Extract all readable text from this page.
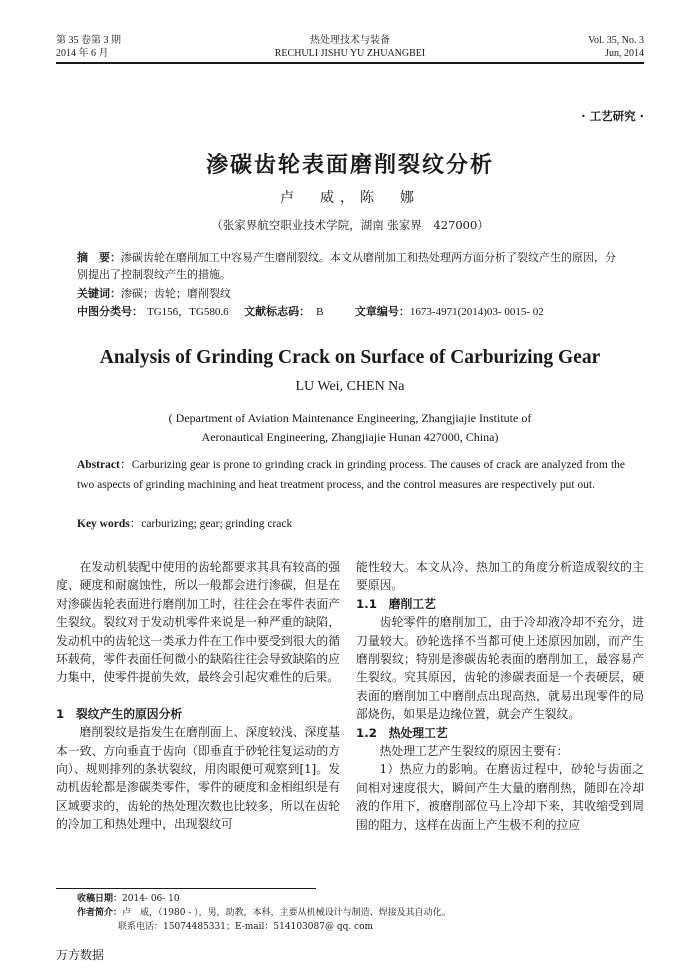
第 35 卷第 3 期
2014 年 6 月
热处理技术与装备
RECHULI JISHU YU ZHUANGBEI
Vol. 35, No. 3
Jun, 2014
· 工艺研究 ·
渗碳齿轮表面磨削裂纹分析
卢　威，陈　娜
（张家界航空职业技术学院，湖南 张家界　427000）
摘　要：渗碳齿轮在磨削加工中容易产生磨削裂纹。本文从磨削加工和热处理两方面分析了裂纹产生的原因，分别提出了控制裂纹产生的措施。
关键词：渗碳；齿轮；磨削裂纹
中图分类号： TG156，TG580.6 文献标志码： B	文章编号：1673-4971(2014)03- 0015- 02
Analysis of Grinding Crack on Surface of Carburizing Gear
LU Wei, CHEN Na
( Department of Aviation Maintenance Engineering, Zhangjiajie Institute of
Aeronautical Engineering, Zhangjiajie Hunan 427000, China)
Abstract：Carburizing gear is prone to grinding crack in grinding process. The causes of crack are analyzed from the two aspects of grinding machining and heat treatment process, and the control measures are respectively put out.
Key words：carburizing; gear; grinding crack

在发动机装配中使用的齿轮都要求其具有较高的强度、硬度和耐腐蚀性，所以一般都会进行渗碳，但是在对渗碳齿轮表面进行磨削加工时，往往会在零件表面产生裂纹。裂纹对于发动机零件来说是一种严重的缺陷，发动机中的齿轮这一类承力件在工作中要受到很大的循环载荷，零件表面任何微小的缺陷往往会导致缺陷的应力集中，使零件提前失效，最终会引起灾难性的后果。

1　裂纹产生的原因分析

磨削裂纹是指发生在磨削面上、深度较浅、深度基本一致、方向垂直于齿向（即垂直于砂轮往复运动的方向）、规则排列的条状裂纹，用肉眼便可观察到[1]。发动机齿轮都是渗碳类零件，零件的硬度和金相组织是有区域要求的，齿轮的热处理次数也比较多，所以在齿轮的冷加工和热处理中，出现裂纹可

能性较大。本文从冷、热加工的角度分析造成裂纹的主要原因。

1.1　磨削工艺

齿轮零件的磨削加工，由于冷却液冷却不充分，进刀量较大。砂轮选择不当都可使上述原因加剧，而产生磨削裂纹；特别是渗碳齿轮表面的磨削加工，最容易产生裂纹。究其原因，齿轮的渗碳表面是一个表硬层，硬表面的磨削加工中磨削点出现高热，就易出现零件的局部烧伤，如果是边缘位置，就会产生裂纹。

1.2　热处理工艺

热处理工艺产生裂纹的原因主要有：

1）热应力的影响。在磨齿过程中，砂轮与齿面之间相对速度很大，瞬间产生大量的磨削热，随即在冷却液的作用下，被磨削部位马上冷却下来，其收缩受到周围的阻力，这样在齿面上产生极不利的拉应

收稿日期：2014- 06- 10
作者简介：卢　威，（1980 - ），男，助教，本科，主要从机械设计与制造、焊接及其自动化。
联系电话：15074485331；E-mail：514103087@ qq. com
万方数据
